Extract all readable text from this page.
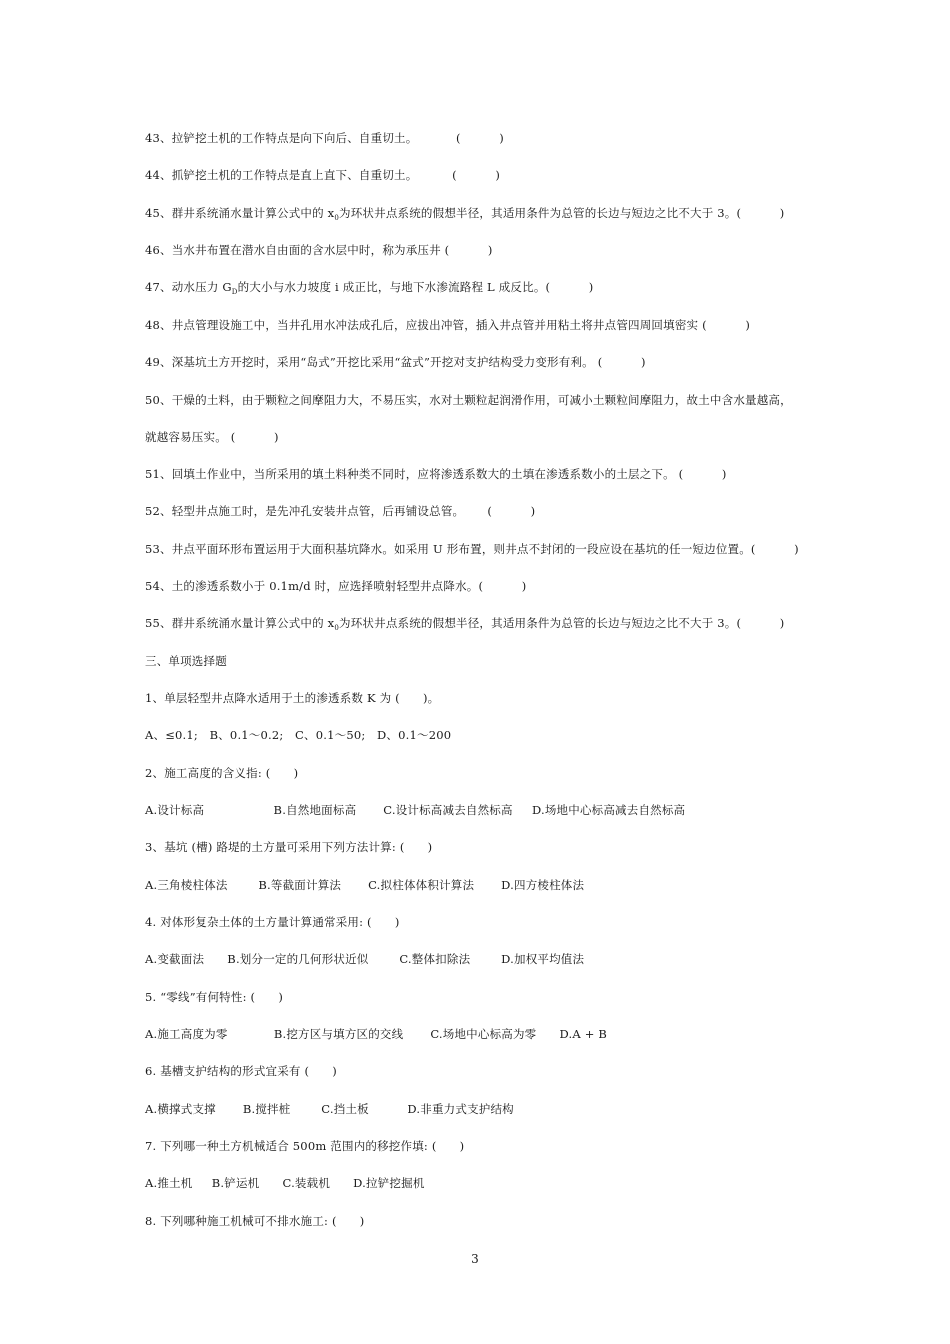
43、拉铲挖土机的工作特点是向下向后、自重切土。          (          )
44、抓铲挖土机的工作特点是直上直下、自重切土。         (          )
45、群井系统涌水量计算公式中的 $x_0$为环状井点系统的假想半径，其适用条件为总管的长边与短边之比不大于 3。(          )
46、当水井布置在潜水自由面的含水层中时，称为承压井 (          )
47、动水压力 $G_D$的大小与水力坡度 i 成正比，与地下水渗流路程 L 成反比。(          )
48、井点管理设施工中，当井孔用水冲法成孔后，应拔出冲管，插入井点管并用粘土将井点管四周回填密实 (          )
49、深基坑土方开挖时，采用“岛式”开挖比采用“盆式”开挖对支护结构受力变形有利。 (          )
50、干燥的土料，由于颗粒之间摩阻力大，不易压实，水对土颗粒起润滑作用，可减小土颗粒间摩阻力，故土中含水量越高，
就越容易压实。 (          )
51、回填土作业中，当所采用的填土料种类不同时，应将渗透系数大的土填在渗透系数小的土层之下。 (          )
52、轻型井点施工时，是先冲孔安装井点管，后再铺设总管。      (          )
53、井点平面环形布置运用于大面积基坑降水。如采用 U 形布置，则井点不封闭的一段应设在基坑的任一短边位置。(          )
54、土的渗透系数小于 0.1m/d 时，应选择喷射轻型井点降水。(          )
55、群井系统涌水量计算公式中的 $x_0$为环状井点系统的假想半径，其适用条件为总管的长边与短边之比不大于 3。(          )
三、单项选择题
1、单层轻型井点降水适用于土的渗透系数 K 为 (      )。
A、≤0.1;   B、0.1～0.2;   C、0.1～50;   D、0.1～200
2、施工高度的含义指: (      )
A.设计标高                  B.自然地面标高       C.设计标高减去自然标高     D.场地中心标高减去自然标高
3、基坑 (槽) 路堤的土方量可采用下列方法计算: (      )
A.三角棱柱体法        B.等截面计算法       C.拟柱体体积计算法       D.四方棱柱体法
4. 对体形复杂土体的土方量计算通常采用: (      )
A.变截面法      B.划分一定的几何形状近似        C.整体扣除法        D.加权平均值法
5. “零线”有何特性: (      )
A.施工高度为零            B.挖方区与填方区的交线       C.场地中心标高为零      D.A + B
6. 基槽支护结构的形式宜采有 (      )
A.横撑式支撑       B.搅拌桩        C.挡土板          D.非重力式支护结构
7. 下列哪一种土方机械适合 500m 范围内的移挖作填: (      )
A.推土机     B.铲运机      C.装载机      D.拉铲挖掘机
8. 下列哪种施工机械可不排水施工: (      )
3
